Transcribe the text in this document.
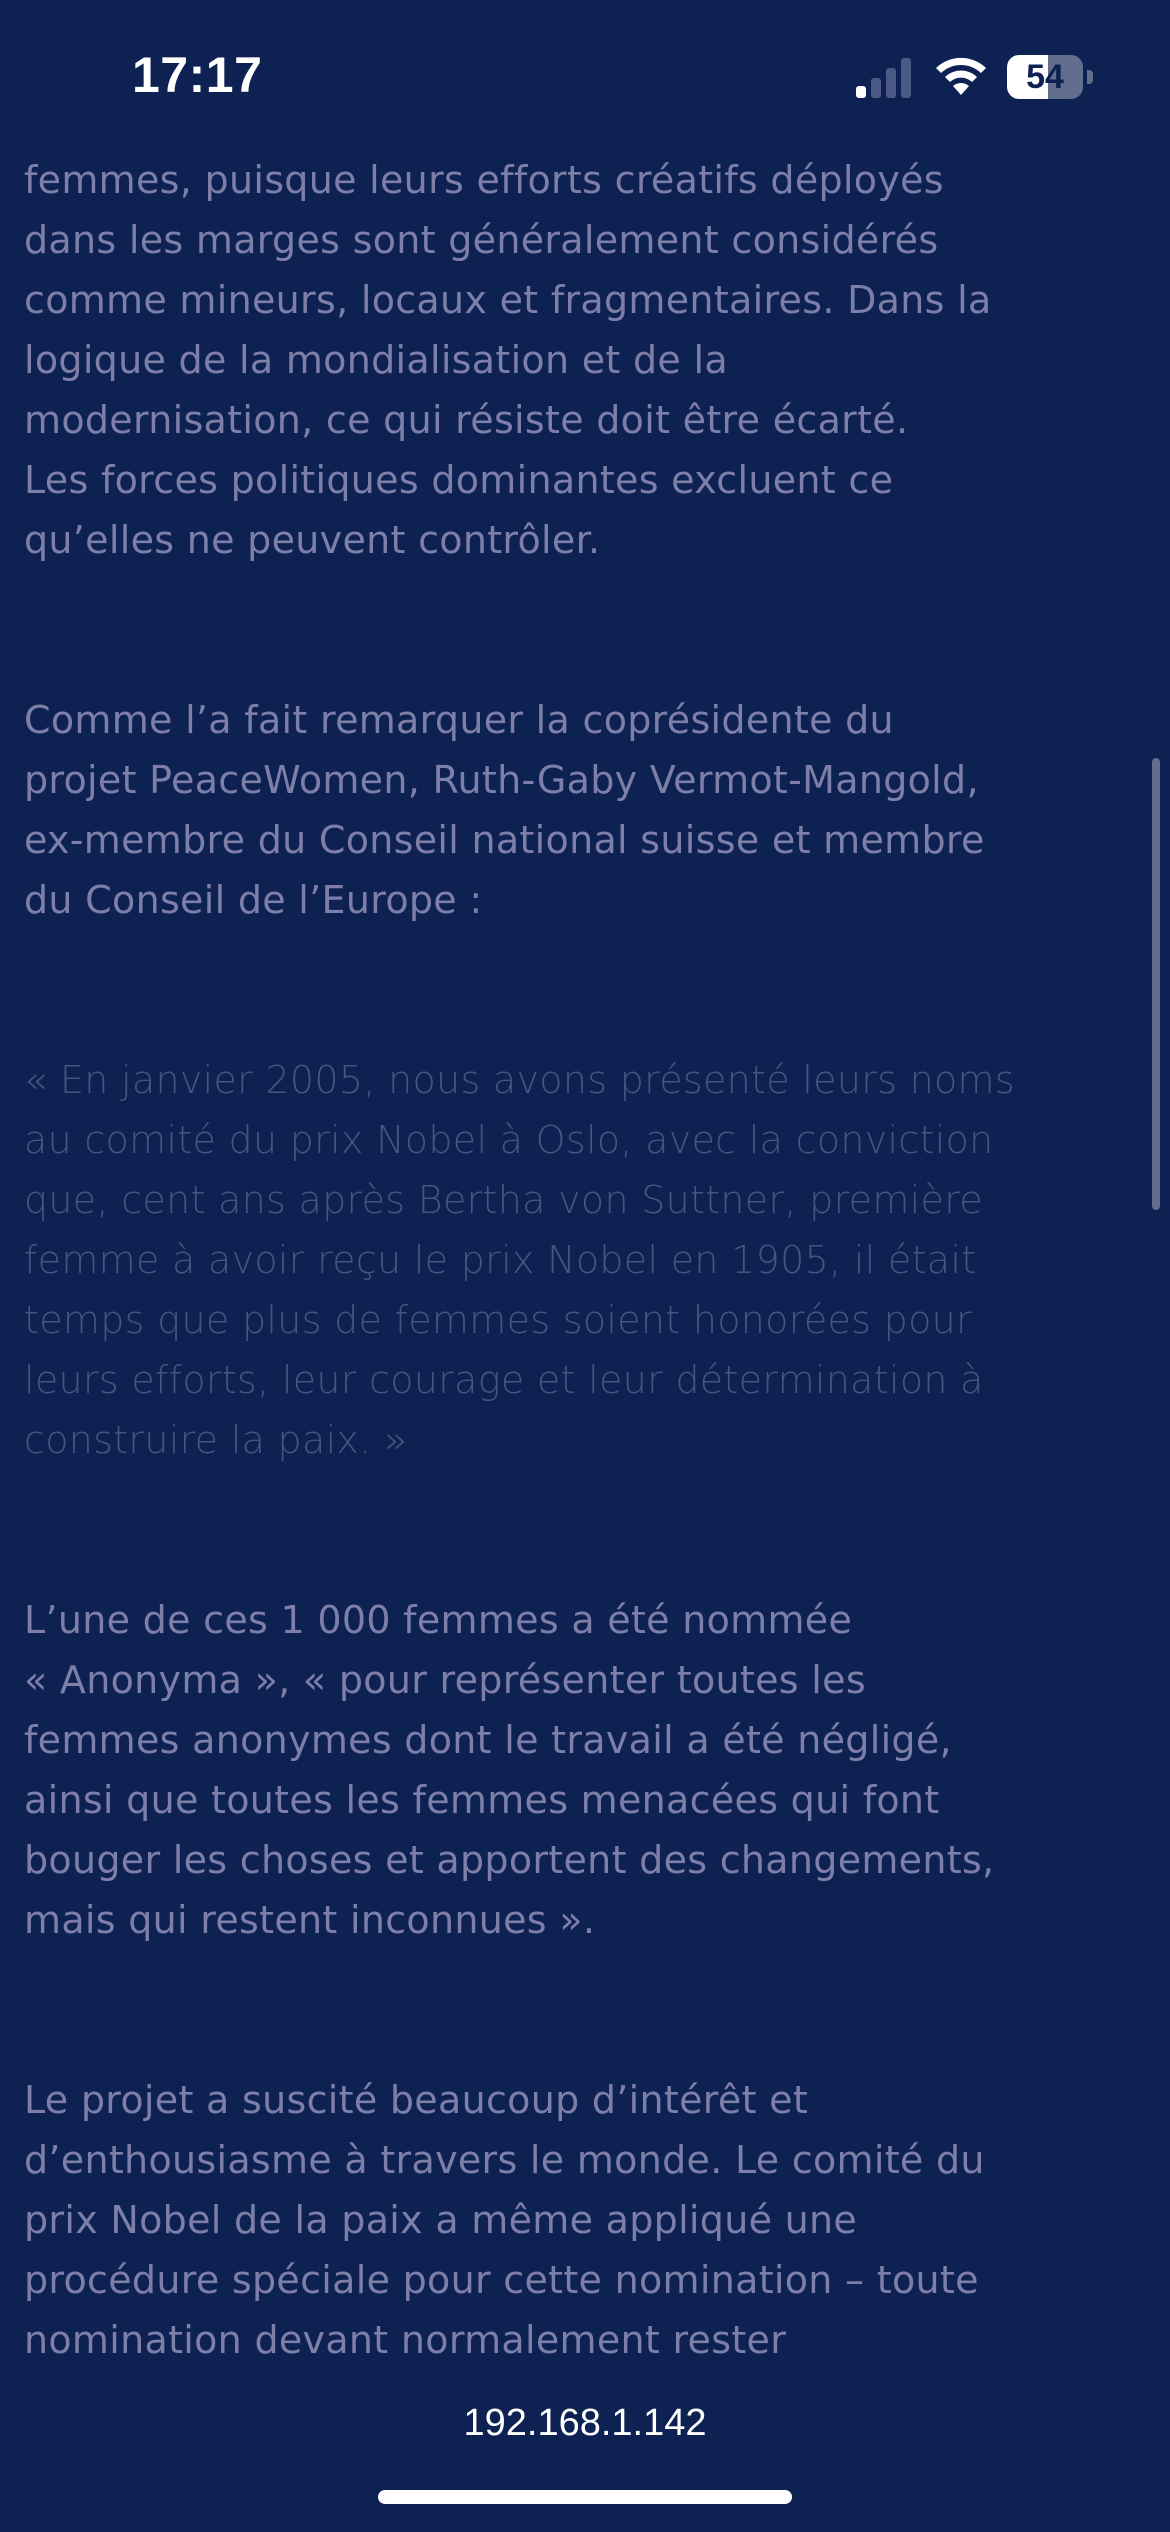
17:17	54

femmes, puisque leurs efforts créatifs déployés
dans les marges sont généralement considérés
comme mineurs, locaux et fragmentaires. Dans la
logique de la mondialisation et de la
modernisation, ce qui résiste doit être écarté.
Les forces politiques dominantes excluent ce
qu’elles ne peuvent contrôler.

Comme l’a fait remarquer la coprésidente du
projet PeaceWomen, Ruth-Gaby Vermot-Mangold,
ex-membre du Conseil national suisse et membre
du Conseil de l’Europe :

« En janvier 2005, nous avons présenté leurs noms
au comité du prix Nobel à Oslo, avec la conviction
que, cent ans après Bertha von Suttner, première
femme à avoir reçu le prix Nobel en 1905, il était
temps que plus de femmes soient honorées pour
leurs efforts, leur courage et leur détermination à
construire la paix. »

L’une de ces 1 000 femmes a été nommée
« Anonyma », « pour représenter toutes les
femmes anonymes dont le travail a été négligé,
ainsi que toutes les femmes menacées qui font
bouger les choses et apportent des changements,
mais qui restent inconnues ».

Le projet a suscité beaucoup d’intérêt et
d’enthousiasme à travers le monde. Le comité du
prix Nobel de la paix a même appliqué une
procédure spéciale pour cette nomination – toute
nomination devant normalement rester

192.168.1.142
